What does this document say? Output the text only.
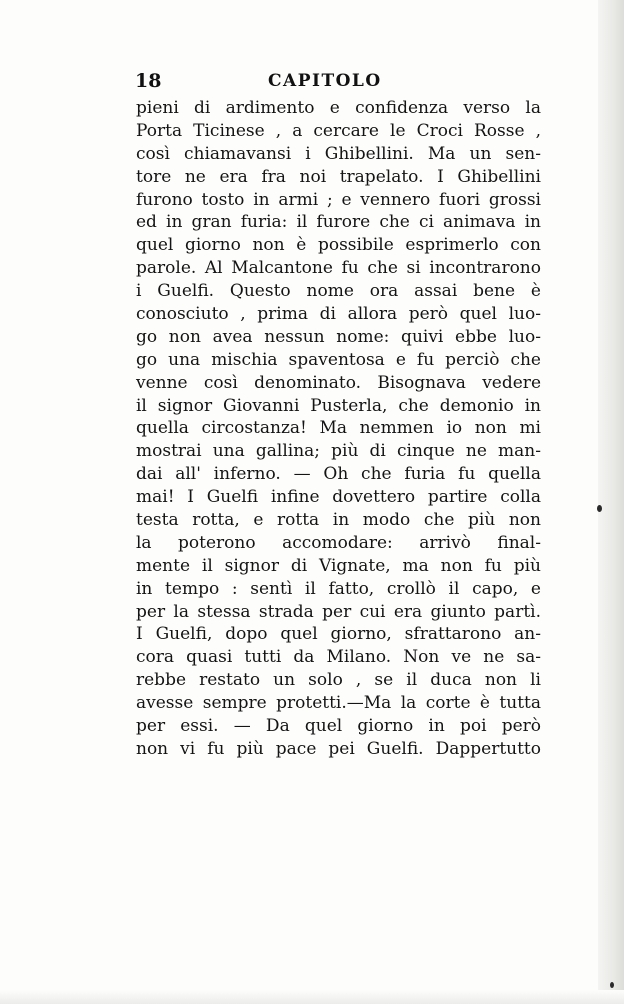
18	CAPITOLO
pieni di ardimento e confidenza verso la
Porta Ticinese , a cercare le Croci Rosse ,
così chiamavansi i Ghibellini. Ma un sen-
tore ne era fra noi trapelato. I Ghibellini
furono tosto in armi ; e vennero fuori grossi
ed in gran furia: il furore che ci animava in
quel giorno non è possibile esprimerlo con
parole. Al Malcantone fu che si incontrarono
i Guelfi. Questo nome ora assai bene è
conosciuto , prima di allora però quel luo-
go non avea nessun nome: quivi ebbe luo-
go una mischia spaventosa e fu perciò che
venne così denominato. Bisognava vedere
il signor Giovanni Pusterla, che demonio in
quella circostanza! Ma nemmen io non mi
mostrai una gallina; più di cinque ne man-
dai all' inferno. — Oh che furia fu quella
mai! I Guelfi infine dovettero partire colla
testa rotta, e rotta in modo che più non
la poterono accomodare: arrivò final-
mente il signor di Vignate, ma non fu più
in tempo : sentì il fatto, crollò il capo, e
per la stessa strada per cui era giunto partì.
I Guelfi, dopo quel giorno, sfrattarono an-
cora quasi tutti da Milano. Non ve ne sa-
rebbe restato un solo , se il duca non li
avesse sempre protetti.—Ma la corte è tutta
per essi. — Da quel giorno in poi però
non vi fu più pace pei Guelfi. Dappertutto
